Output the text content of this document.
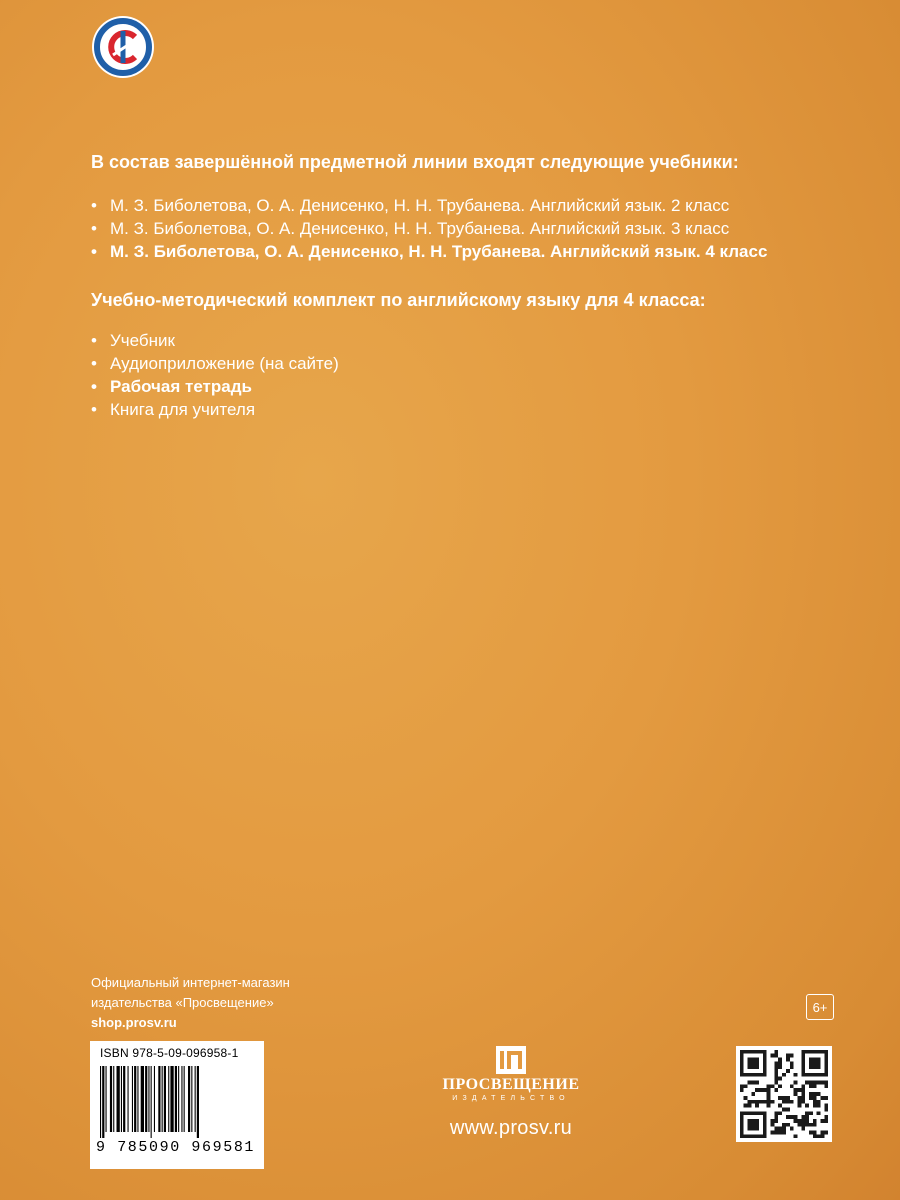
В состав завершённой предметной линии входят следующие учебники:

• М. З. Биболетова, О. А. Денисенко, Н. Н. Трубанева. Английский язык. 2 класс
• М. З. Биболетова, О. А. Денисенко, Н. Н. Трубанева. Английский язык. 3 класс
• М. З. Биболетова, О. А. Денисенко, Н. Н. Трубанева. Английский язык. 4 класс

Учебно-методический комплект по английскому языку для 4 класса:

• Учебник
• Аудиоприложение (на сайте)
• Рабочая тетрадь
• Книга для учителя
Официальный интернет-магазин
издательства «Просвещение»
shop.prosv.ru
6+
ISBN 978-5-09-096958-1
9 785090 969581
ПРОСВЕЩЕНИЕ
ИЗДАТЕЛЬСТВО
www.prosv.ru
